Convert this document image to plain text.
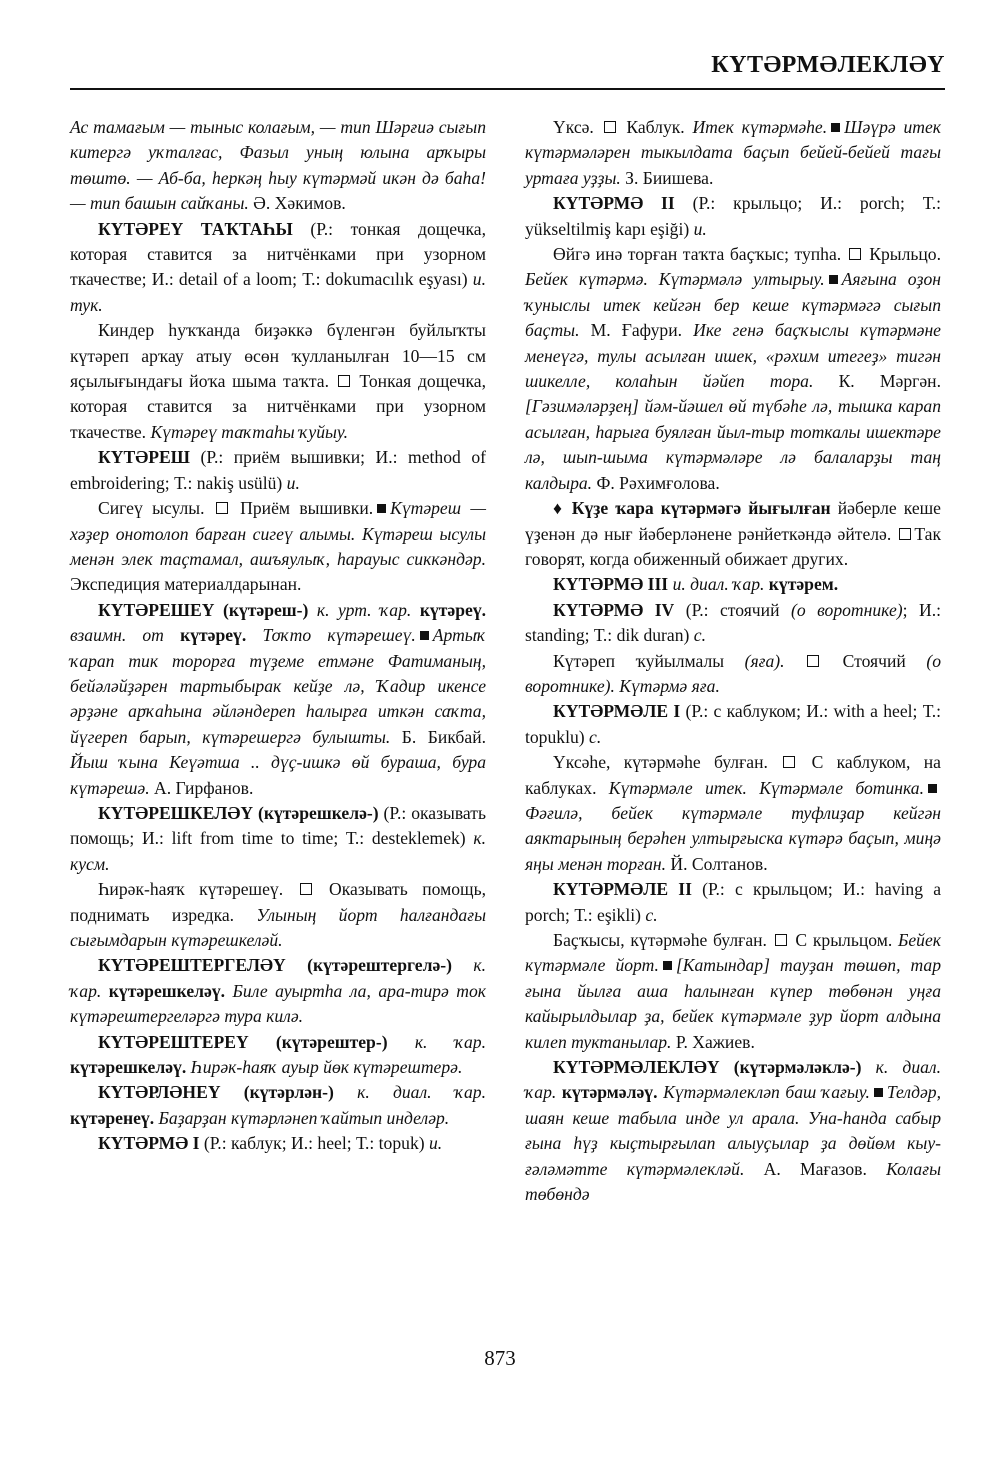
КҮТӘРМӘЛЕКЛӘҮ

Ас тамағым — тыныс колағым, — тип Шәрғиә сығып китергә уҡталғас, Фазыл уның юлына арҡыры төштө. — Аб-ба, һеркәң һыу күтәрмәй икән дә баһа! — тип башын сайҡаны. Ә. Хәкимов.

КҮТӘРЕҮ ТАҠТАҺЫ (Р.: тонкая дощечка, которая ставится за нитчёнками при узорном ткачестве; И.: detail of a loom; Т.: dokumacılık eşyası) и. тук.

Киндер һуҡҡанда биҙәккә бүленгән буйлыҡты күтәреп арҡау атыу өсөн ҡулланылған 10—15 см яҫылығындағы йоҡа шыма таҡта.  Тонкая дощечка, которая ставится за нитчёнками при узорном ткачестве. Күтәреү таҡтаһы ҡуйыу.

КҮТӘРЕШ (Р.: приём вышивки; И.: method of embroidering; Т.: nakiş usülü) и.

Сигеү ысулы.  Приём вышивки. Күтәреш — хәҙер онотолоп барған сигеү алымы. Күтәреш ысулы менән элек таҫтамал, ашъяулыҡ, һарауыс сиккәндәр. Экспедиция материалдарынан.

КҮТӘРЕШЕҮ (күтәреш-) к. урт. ҡар. күтәреү. взаимн. от күтәреү. Тоҡто күтәрешеү. Артыҡ ҡарап тик торорға түҙеме етмәне Фатиманың, бейәләйҙәрен тартыбырак кейҙе лә, Ҡадир икенсе әрҙәне арҡаһына әйләндереп һалырға иткән саҡта, йүгереп барып, күтәрешергә булышты. Б. Бикбай. Йыш ҡына Кеүәтша .. дүҫ-ишкә өй бураша, бура күтәрешә. А. Гирфанов.

КҮТӘРЕШКЕЛӘҮ (күтәрешкелә-) (Р.: оказывать помощь; И.: lift from time to time; Т.: desteklemek) к. кусм.

Һирәк-һаяҡ күтәрешеү.  Оказывать помощь, поднимать изредка. Улының йорт һалғандағы сығымдарын күтәрешкеләй.

КҮТӘРЕШТЕРГЕЛӘҮ (күтәрештергелә-) к. ҡар. күтәрешкеләү. Биле ауыртһа ла, ара-тирә ток күтәрештергеләргә тура килә.

КҮТӘРЕШТЕРЕҮ (күтәрештер-) к. ҡар. күтәрешкеләү. Һирәк-һаяҡ ауыр йөк күтәрештерә.

КҮТӘРЛӘНЕҮ (күтәрлән-) к. диал. ҡар. күтәренеү. Баҙарҙан күтәрләнеп ҡайтып инделәр.

КҮТӘРМӘ I (Р.: каблук; И.: heel; Т.: topuk) и.

Үксә.  Каблук. Итек күтәрмәһе. Шәүрә итек күтәрмәләрен тыкылдата баҫып бейей-бейей тағы уртаға уҙҙы. З. Биишева.

КҮТӘРМӘ II (Р.: крыльцо; И.: porch; Т.: yükseltilmiş kapı eşiği) и.

Өйгә инә торған таҡта баҫҡыс; тупһа.  Крыльцо. Бейек күтәрмә. Күтәрмәлә ултырыу. Аяғына оҙон ҡуныслы итек кейгән бер кеше күтәрмәгә сығып баҫты. М. Ғафури. Ике генә баҫҡыслы күтәрмәне менеүгә, тулы асылған ишек, «рәхим итегеҙ» тигән шикелле, колаһын йәйеп тора. К. Мәргән. [Гәзимәләрҙең] йәм-йәшел өй түбәһе лә, тышка карап асылған, һарыға буялған йыл-тыр тоткалы ишектәре лә, шып-шыма күтәрмәләре лә балаларҙы таң калдыра. Ф. Рәхимғолова.

♦ Күҙе ҡара күтәрмәгә йығылған йәберле кеше үҙенән дә нығ йәберләнене рәнйеткәндә әйтелә. Так говорят, когда обиженный обижает других.

КҮТӘРМӘ III и. диал. ҡар. күтәрем.

КҮТӘРМӘ IV (Р.: стоячий (о воротнике); И.: standing; Т.: dik duran) с.

Күтәреп ҡуйылмалы (яға).  Стоячий (о воротнике). Күтәрмә яға.

КҮТӘРМӘЛЕ I (Р.: с каблуком; И.: with a heel; Т.: topuklu) с.

Үксәһе, күтәрмәһе булған.  С каблуком, на каблуках. Күтәрмәле итек. Күтәрмәле ботинка.Фәғилә, бейек күтәрмәле туфлиҙар кейгән аяктарының берәһен ултырғыска күтәрә баҫып, миңә яңы менән торған. Й. Солтанов.

КҮТӘРМӘЛЕ II (Р.: с крыльцом; И.: having a porch; Т.: eşikli) с.

Баҫҡысы, күтәрмәһе булған.  С крыльцом. Бейек күтәрмәле йорт. [Катындар] тауҙан төшөп, тар ғына йылға аша һалынған күпер төбөнән уңға кайырылдылар ҙа, бейек күтәрмәле ҙур йорт алдына килеп туктанылар. Р. Хажиев.

КҮТӘРМӘЛЕКЛӘҮ (күтәрмәләклә-) к. диал. ҡар. күтәрмәләү. Күтәрмәлекләп баш ҡағыу. Телдәр, шаян кеше табыла инде ул арала. Уна-һанда сабыр ғына һүҙ кыҫтырғылап алыуҫылар ҙа дөйөм кыу-ғәләмәтте күтәрмәлекләй. А. Мағазов. Колағы төбөндә

873
